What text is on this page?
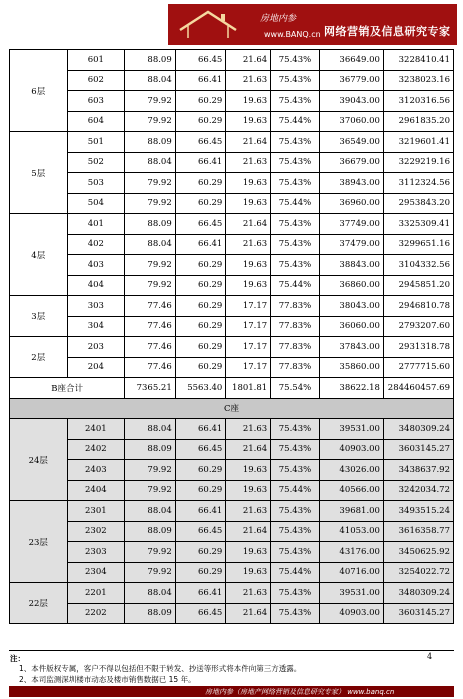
房地内参
www.BANQ.cn 网络营销及信息研究专家
6层	601	88.09	66.45	21.64	75.43%	36649.00	3228410.41
	602	88.04	66.41	21.63	75.43%	36779.00	3238023.16
	603	79.92	60.29	19.63	75.43%	39043.00	3120316.56
	604	79.92	60.29	19.63	75.44%	37060.00	2961835.20
5层	501	88.09	66.45	21.64	75.43%	36549.00	3219601.41
	502	88.04	66.41	21.63	75.43%	36679.00	3229219.16
	503	79.92	60.29	19.63	75.43%	38943.00	3112324.56
	504	79.92	60.29	19.63	75.44%	36960.00	2953843.20
4层	401	88.09	66.45	21.64	75.43%	37749.00	3325309.41
	402	88.04	66.41	21.63	75.43%	37479.00	3299651.16
	403	79.92	60.29	19.63	75.43%	38843.00	3104332.56
	404	79.92	60.29	19.63	75.44%	36860.00	2945851.20
3层	303	77.46	60.29	17.17	77.83%	38043.00	2946810.78
	304	77.46	60.29	17.17	77.83%	36060.00	2793207.60
2层	203	77.46	60.29	17.17	77.83%	37843.00	2931318.78
	204	77.46	60.29	17.17	77.83%	35860.00	2777715.60
B座合计		7365.21	5563.40	1801.81	75.54%	38622.18	284460457.69
C座							
24层	2401	88.04	66.41	21.63	75.43%	39531.00	3480309.24
	2402	88.09	66.45	21.64	75.43%	40903.00	3603145.27
	2403	79.92	60.29	19.63	75.43%	43026.00	3438637.92
	2404	79.92	60.29	19.63	75.44%	40566.00	3242034.72
23层	2301	88.04	66.41	21.63	75.43%	39681.00	3493515.24
	2302	88.09	66.45	21.64	75.43%	41053.00	3616358.77
	2303	79.92	60.29	19.63	75.43%	43176.00	3450625.92
	2304	79.92	60.29	19.63	75.44%	40716.00	3254022.72
22层	2201	88.04	66.41	21.63	75.43%	39531.00	3480309.24
	2202	88.09	66.45	21.64	75.43%	40903.00	3603145.27
注：
1、本件版权专属，客户不得以包括但不限于转发、抄送等形式将本件向第三方透露。
2、本司监测深圳楼市动态及楼市销售数据已 15 年。
4
房地内参（房地产网络营销及信息研究专家） www.banq.cn
